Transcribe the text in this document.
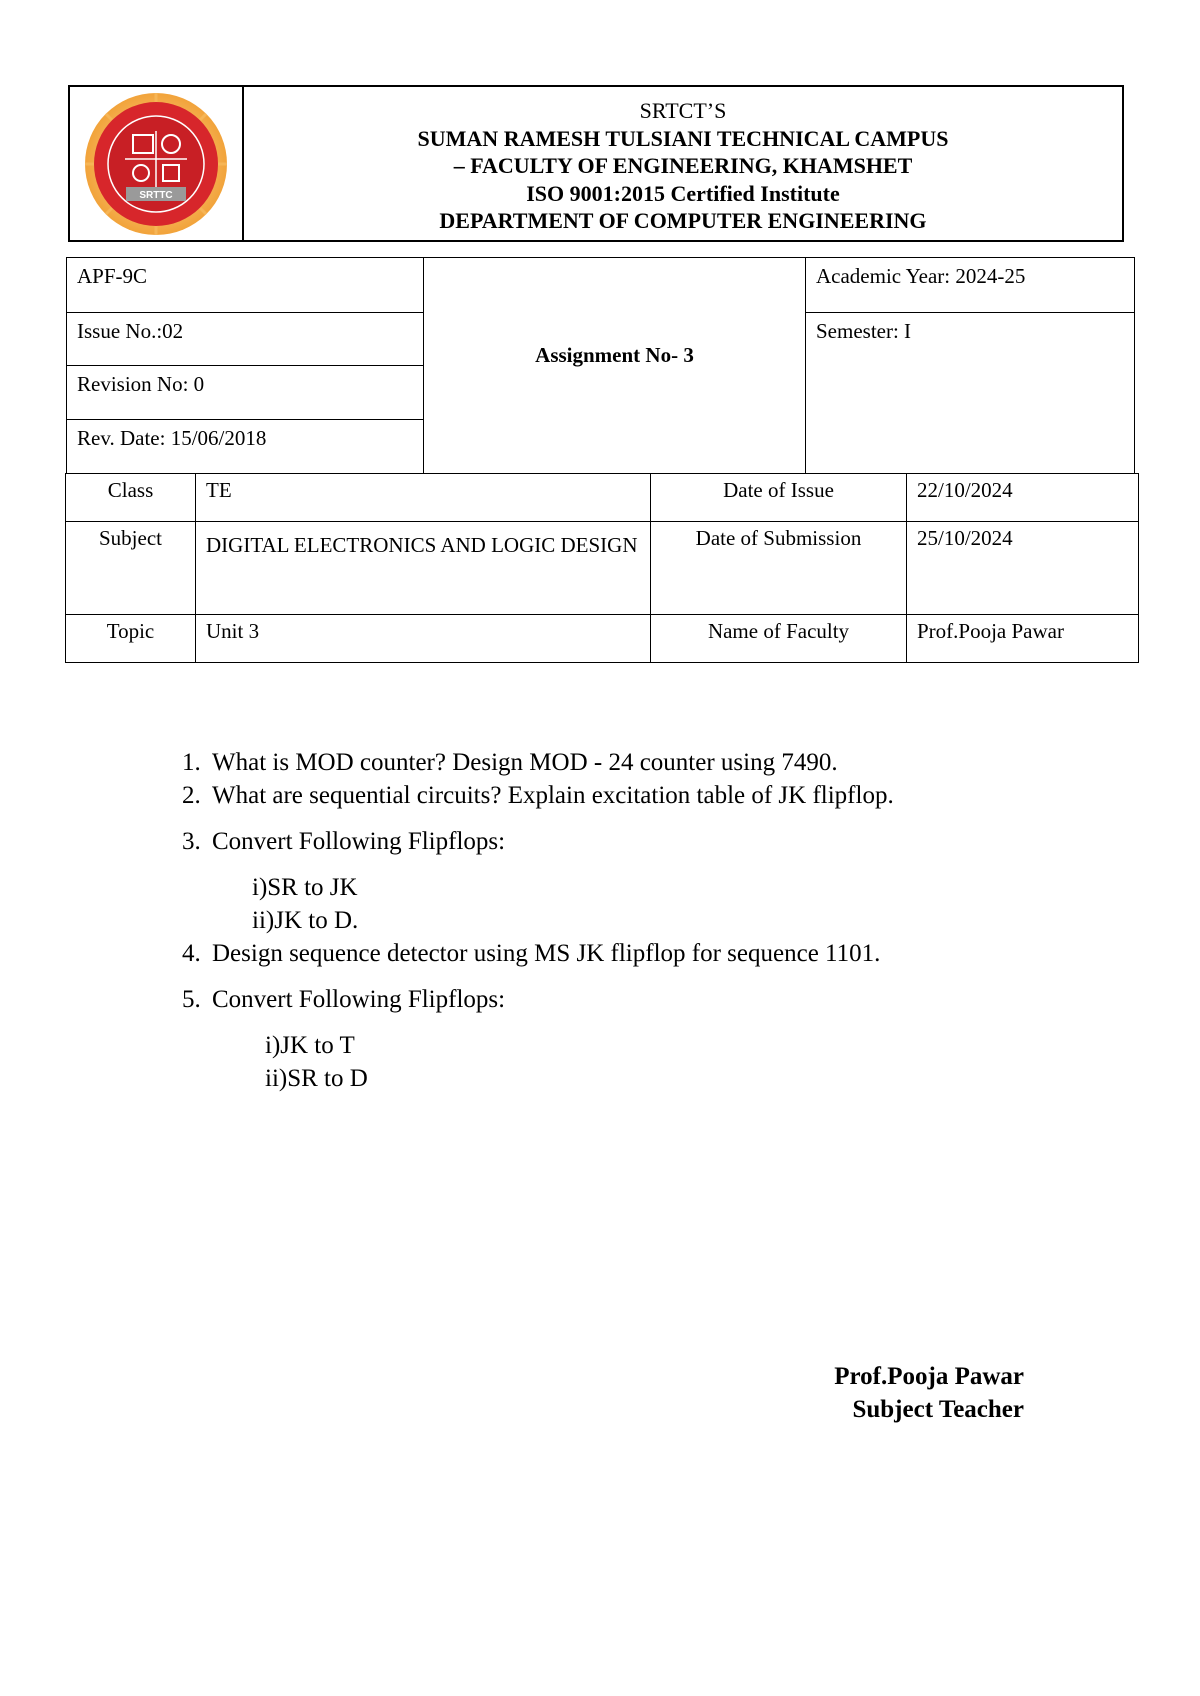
SRTTC
SRTCT’S
SUMAN RAMESH TULSIANI TECHNICAL CAMPUS
– FACULTY OF ENGINEERING, KHAMSHET
ISO 9001:2015 Certified Institute
DEPARTMENT OF COMPUTER ENGINEERING
APF-9C	Assignment No- 3	Academic Year: 2024-25
Issue No.:02		Semester: I
Revision No: 0		
Rev. Date: 15/06/2018		
Class	TE	Date of Issue	22/10/2024
Subject	DIGITAL ELECTRONICS AND LOGIC DESIGN	Date of Submission	25/10/2024
Topic	Unit 3	Name of Faculty	Prof.Pooja Pawar
1. What is MOD counter? Design MOD - 24 counter using 7490.
2. What are sequential circuits? Explain excitation table of JK flipflop.
3. Convert Following Flipflops:
i)SR to JK
ii)JK to D.
4. Design sequence detector using MS JK flipflop for sequence 1101.
5. Convert Following Flipflops:
i)JK to T
ii)SR to D
Prof.Pooja Pawar
Subject Teacher
